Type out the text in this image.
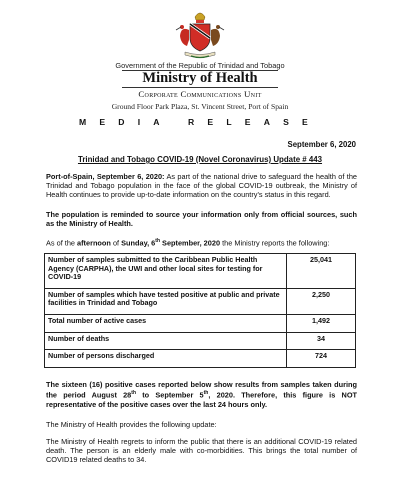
Government of the Republic of Trinidad and Tobago
Ministry of Health
Corporate Communications Unit
Ground Floor Park Plaza, St. Vincent Street, Port of Spain
MEDIA RELEASE
September 6, 2020
Trinidad and Tobago COVID-19 (Novel Coronavirus) Update # 443
Port-of-Spain, September 6, 2020: As part of the national drive to safeguard the health of the Trinidad and Tobago population in the face of the global COVID-19 outbreak, the Ministry of Health continues to provide up-to-date information on the country's status in this regard.
The population is reminded to source your information only from official sources, such as the Ministry of Health.
As of the afternoon of Sunday, 6th September, 2020 the Ministry reports the following:
Number of samples submitted to the Caribbean Public Health Agency (CARPHA), the UWI and other local sites for testing for COVID-19	25,041
Number of samples which have tested positive at public and private facilities in Trinidad and Tobago	2,250
Total number of active cases	1,492
Number of deaths	34
Number of persons discharged	724
The sixteen (16) positive cases reported below show results from samples taken during the period August 28th to September 5th, 2020. Therefore, this figure is NOT representative of the positive cases over the last 24 hours only.
The Ministry of Health provides the following update:
The Ministry of Health regrets to inform the public that there is an additional COVID-19 related death. The person is an elderly male with co-morbidities. This brings the total number of COVID19 related deaths to 34.
